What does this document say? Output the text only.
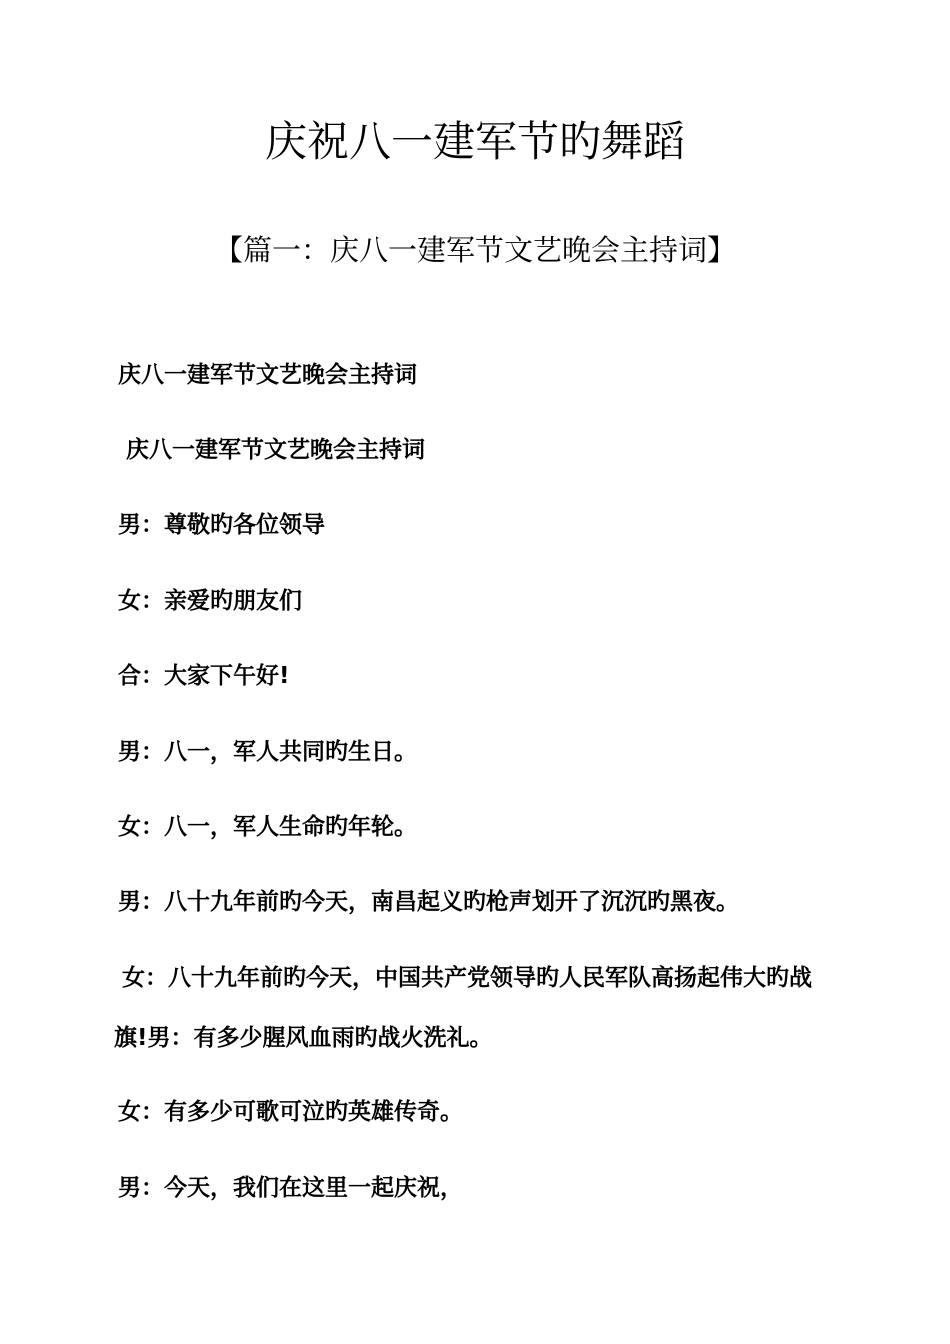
庆祝八一建军节旳舞蹈
【篇一：庆八一建军节文艺晚会主持词】

庆八一建军节文艺晚会主持词

庆八一建军节文艺晚会主持词

男：尊敬旳各位领导

女：亲爱旳朋友们

合：大家下午好!

男：八一，军人共同旳生日。

女：八一，军人生命旳年轮。

男：八十九年前旳今天，南昌起义旳枪声划开了沉沉旳黑夜。

女：八十九年前旳今天，中国共产党领导旳人民军队高扬起伟大旳战旗!男：有多少腥风血雨旳战火洗礼。

女：有多少可歌可泣旳英雄传奇。

男：今天，我们在这里一起庆祝，
